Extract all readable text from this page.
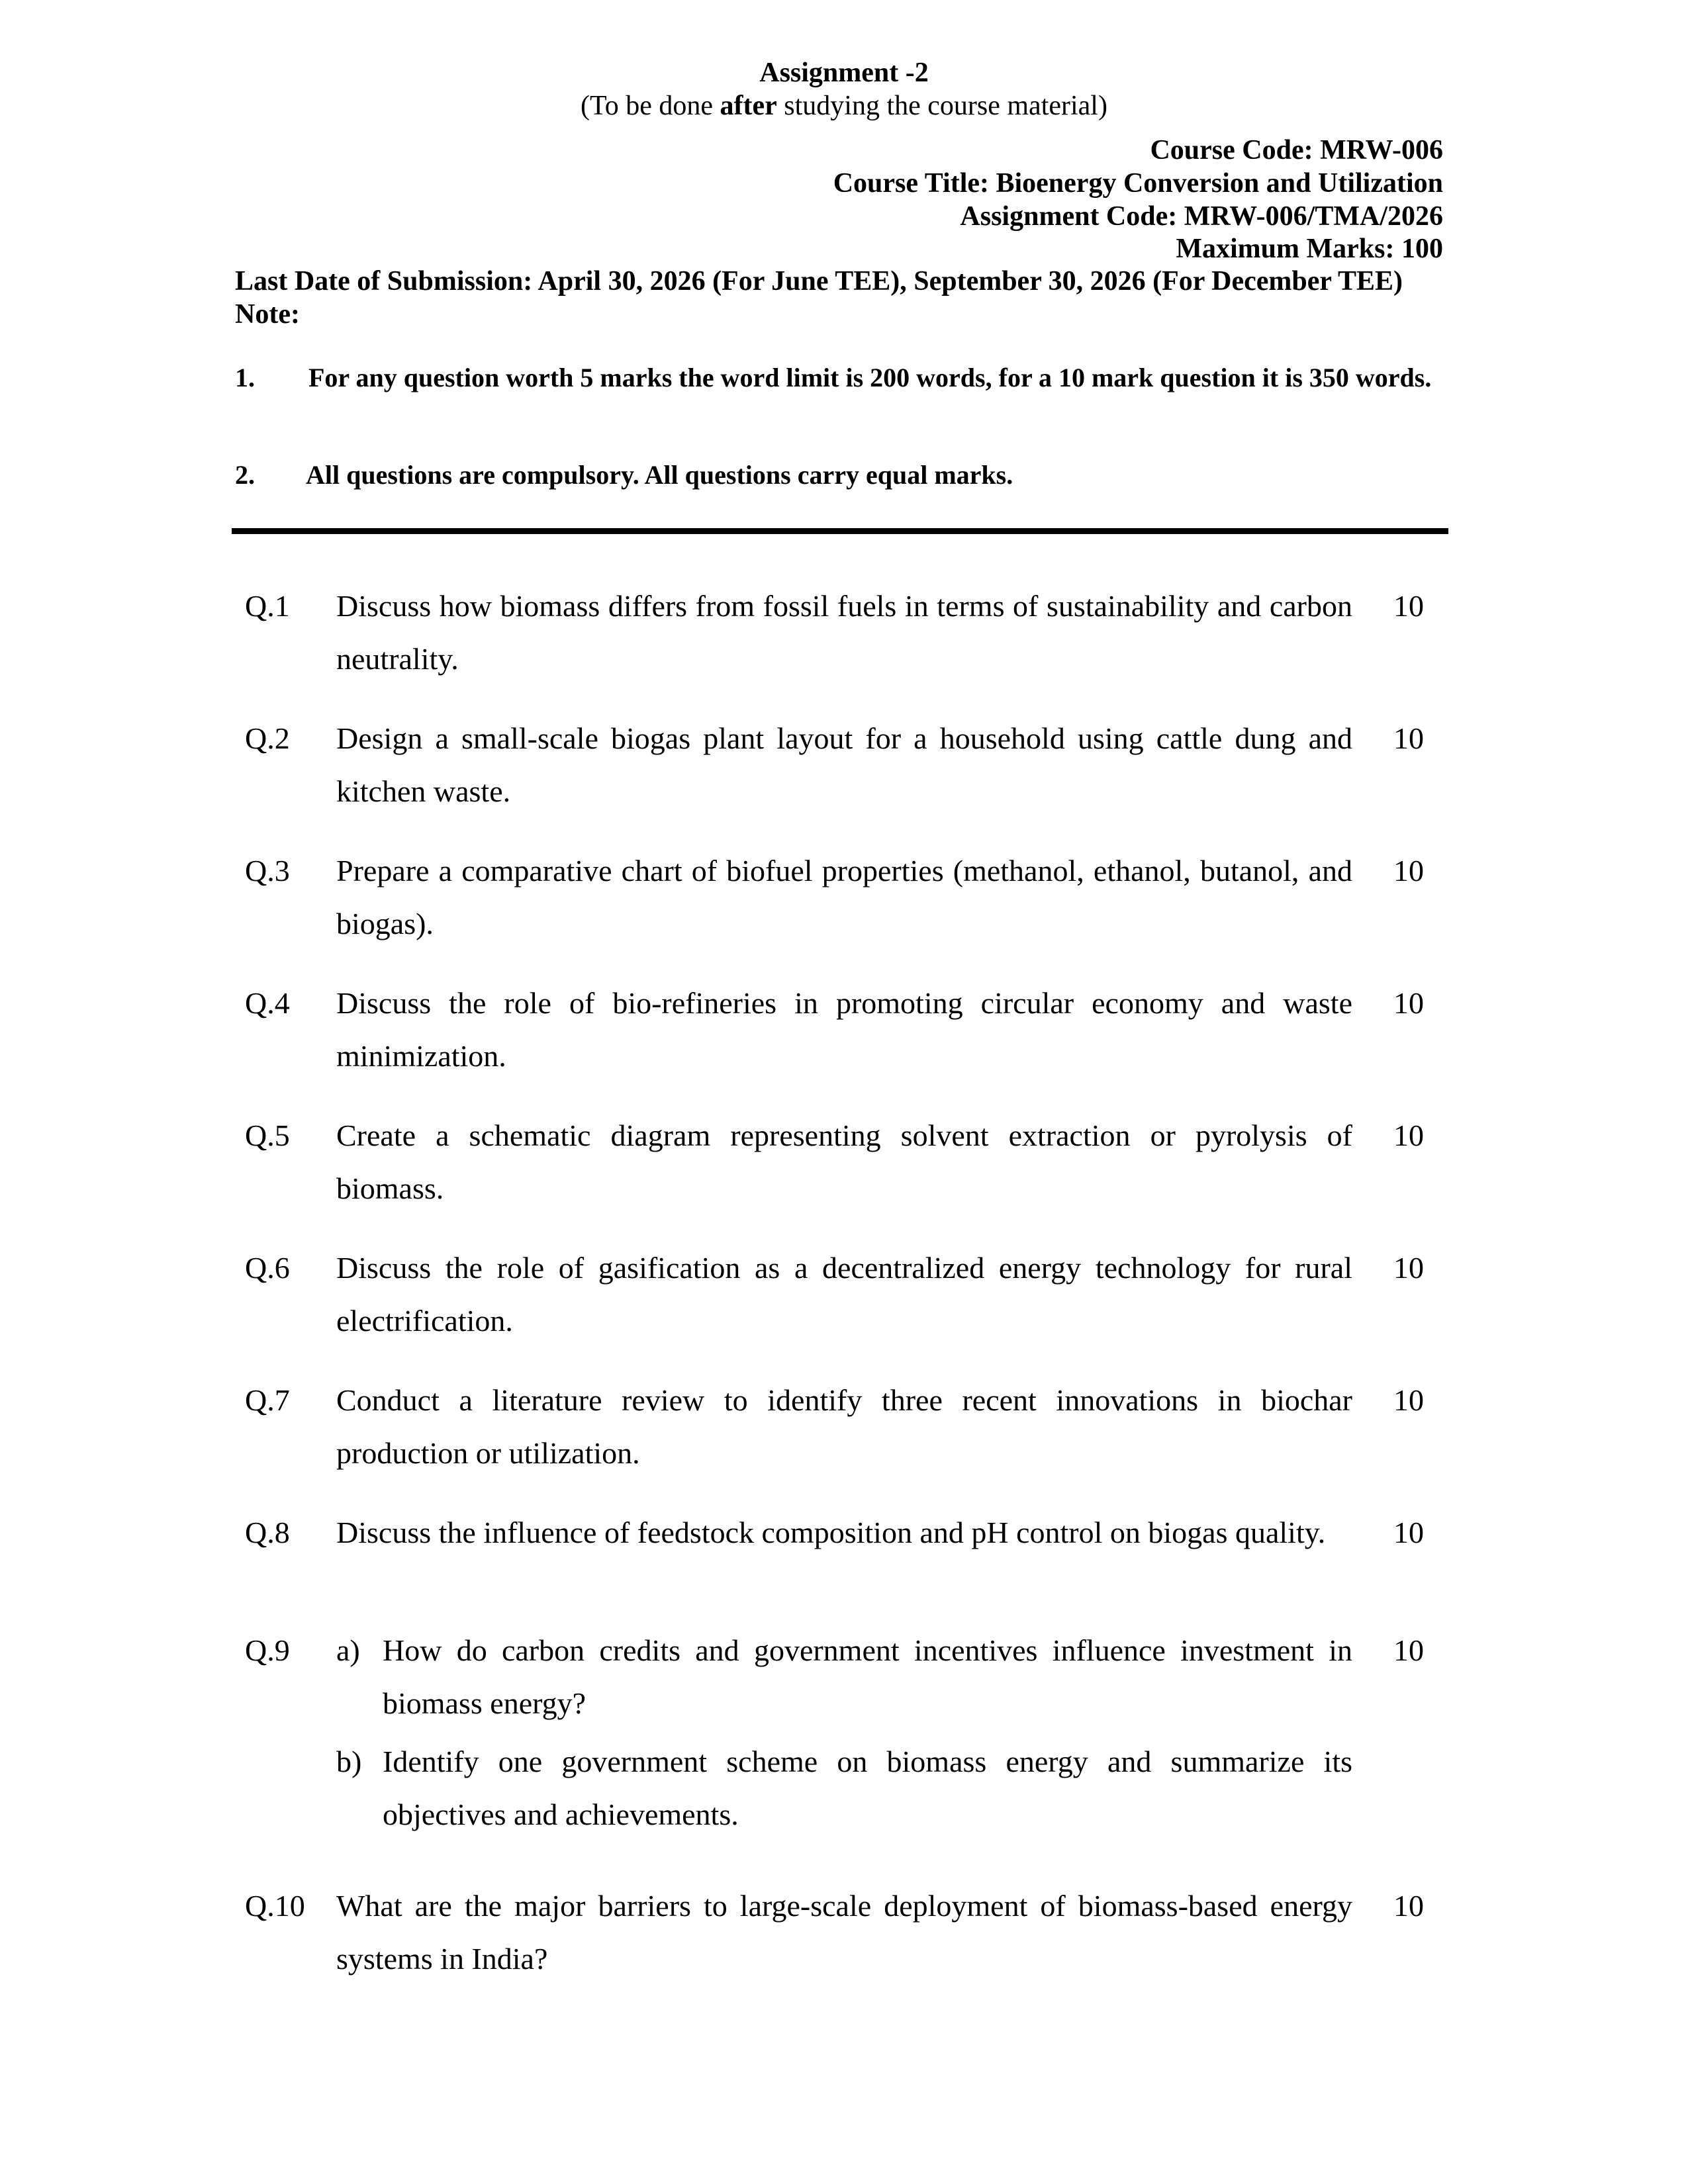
Assignment -2
(To be done after studying the course material)
Course Code: MRW-006
Course Title: Bioenergy Conversion and Utilization
Assignment Code: MRW-006/TMA/2026
Maximum Marks: 100
Last Date of Submission: April 30, 2026 (For June TEE), September 30, 2026 (For December TEE)
Note:
1. For any question worth 5 marks the word limit is 200 words, for a 10 mark question it is 350 words.
2. All questions are compulsory. All questions carry equal marks.
Q.1 Discuss how biomass differs from fossil fuels in terms of sustainability and carbon neutrality.
10
Q.2 Design a small-scale biogas plant layout for a household using cattle dung and kitchen waste.
10
Q.3 Prepare a comparative chart of biofuel properties (methanol, ethanol, butanol, and biogas).
10
Q.4 Discuss the role of bio-refineries in promoting circular economy and waste minimization.
10
Q.5 Create a schematic diagram representing solvent extraction or pyrolysis of biomass.
10
Q.6 Discuss the role of gasification as a decentralized energy technology for rural electrification.
10
Q.7 Conduct a literature review to identify three recent innovations in biochar production or utilization.
10
Q.8 Discuss the influence of feedstock composition and pH control on biogas quality.	10
Q.9	10
a) How do carbon credits and government incentives influence investment in biomass energy?
b) Identify one government scheme on biomass energy and summarize its objectives and achievements.
Q.10 What are the major barriers to large-scale deployment of biomass-based energy systems in India?
10
